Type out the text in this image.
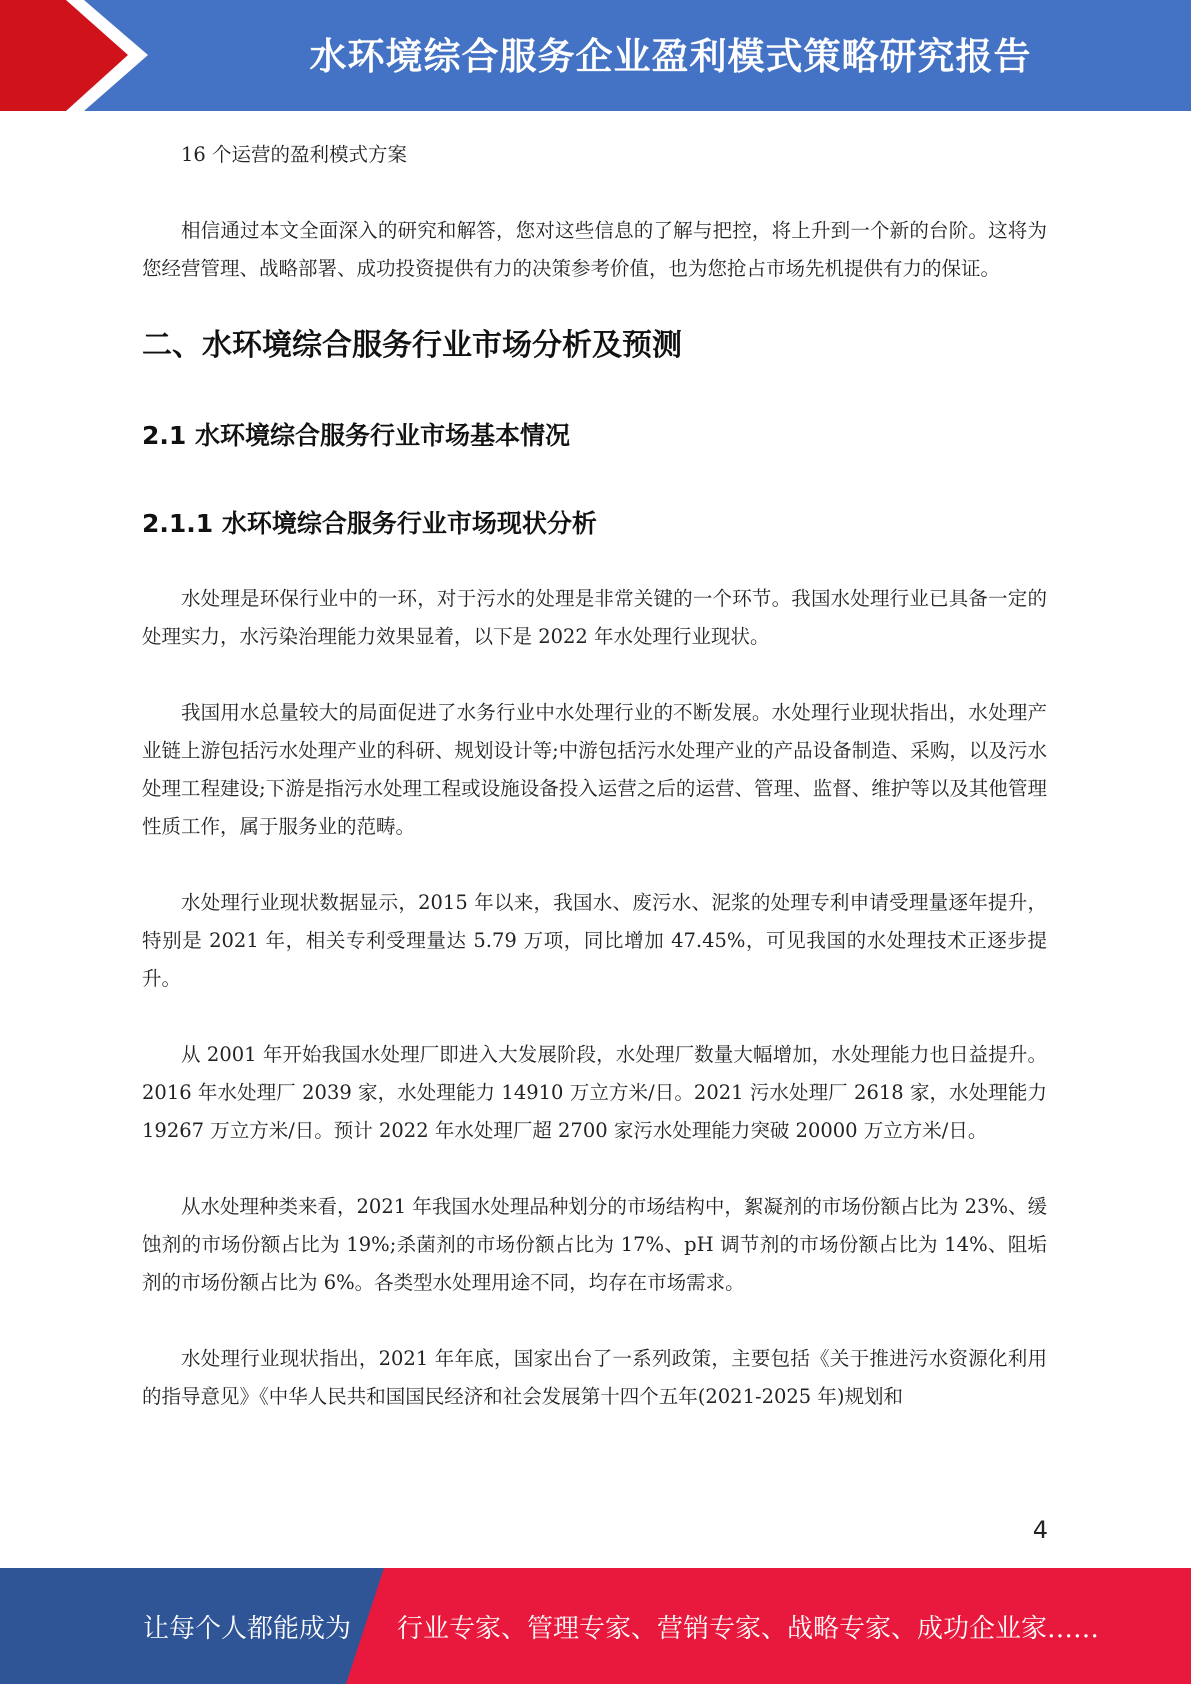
水环境综合服务企业盈利模式策略研究报告

16 个运营的盈利模式方案

相信通过本文全面深入的研究和解答，您对这些信息的了解与把控，将上升到一个新的台阶。这将为您经营管理、战略部署、成功投资提供有力的决策参考价值，也为您抢占市场先机提供有力的保证。

二、水环境综合服务行业市场分析及预测
2.1 水环境综合服务行业市场基本情况
2.1.1 水环境综合服务行业市场现状分析

水处理是环保行业中的一环，对于污水的处理是非常关键的一个环节。我国水处理行业已具备一定的处理实力，水污染治理能力效果显着，以下是 2022 年水处理行业现状。

我国用水总量较大的局面促进了水务行业中水处理行业的不断发展。水处理行业现状指出，水处理产业链上游包括污水处理产业的科研、规划设计等;中游包括污水处理产业的产品设备制造、采购，以及污水处理工程建设;下游是指污水处理工程或设施设备投入运营之后的运营、管理、监督、维护等以及其他管理性质工作，属于服务业的范畴。

水处理行业现状数据显示，2015 年以来，我国水、废污水、泥浆的处理专利申请受理量逐年提升，特别是 2021 年，相关专利受理量达 5.79 万项，同比增加 47.45%，可见我国的水处理技术正逐步提升。

从 2001 年开始我国水处理厂即进入大发展阶段，水处理厂数量大幅增加，水处理能力也日益提升。2016 年水处理厂 2039 家，水处理能力 14910 万立方米/日。2021 污水处理厂 2618 家，水处理能力 19267 万立方米/日。预计 2022 年水处理厂超 2700 家污水处理能力突破 20000 万立方米/日。

从水处理种类来看，2021 年我国水处理品种划分的市场结构中，絮凝剂的市场份额占比为 23%、缓蚀剂的市场份额占比为 19%;杀菌剂的市场份额占比为 17%、pH 调节剂的市场份额占比为 14%、阻垢剂的市场份额占比为 6%。各类型水处理用途不同，均存在市场需求。

水处理行业现状指出，2021 年年底，国家出台了一系列政策，主要包括《关于推进污水资源化利用的指导意见》《中华人民共和国国民经济和社会发展第十四个五年(2021-2025 年)规划和

4
让每个人都能成为 行业专家、管理专家、营销专家、战略专家、成功企业家……
